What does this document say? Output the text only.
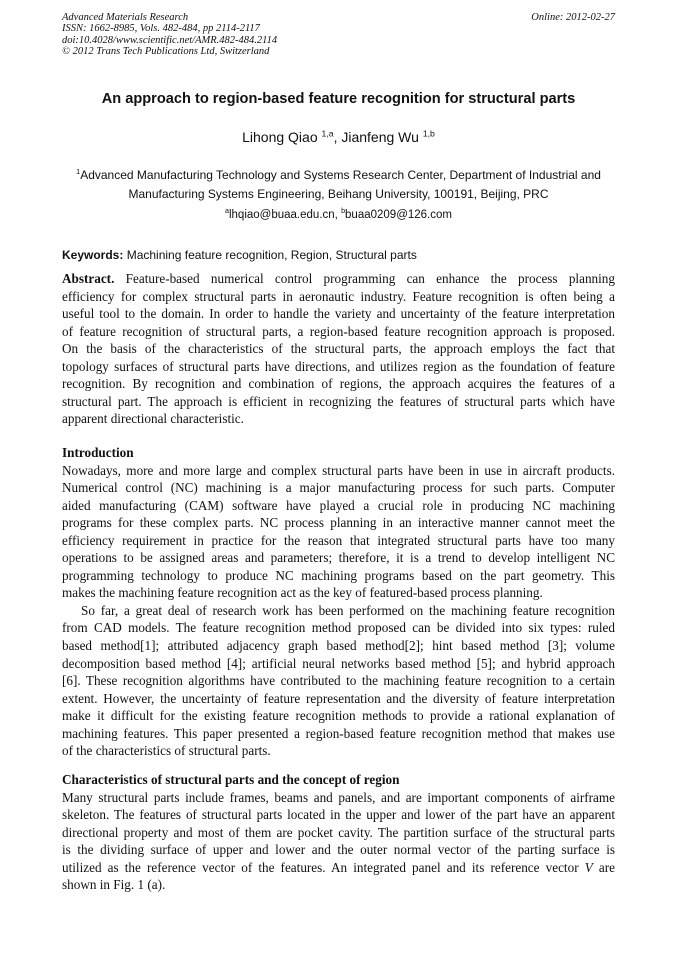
Advanced Materials Research
ISSN: 1662-8985, Vols. 482-484, pp 2114-2117
doi:10.4028/www.scientific.net/AMR.482-484.2114
© 2012 Trans Tech Publications Ltd, Switzerland
Online: 2012-02-27
An approach to region-based feature recognition for structural parts
Lihong Qiao $^{1,a}$, Jianfeng Wu $^{1,b}$
$^1$Advanced Manufacturing Technology and Systems Research Center, Department of Industrial and
Manufacturing Systems Engineering, Beihang University, 100191, Beijing, PRC
$^a$lhqiao@buaa.edu.cn, $^b$buaa0209@126.com
Keywords: Machining feature recognition, Region, Structural parts
Abstract. Feature-based numerical control programming can enhance the process planning
efficiency for complex structural parts in aeronautic industry. Feature recognition is often being a
useful tool to the domain. In order to handle the variety and uncertainty of the feature interpretation
of feature recognition of structural parts, a region-based feature recognition approach is proposed.
On the basis of the characteristics of the structural parts, the approach employs the fact that
topology surfaces of structural parts have directions, and utilizes region as the foundation of feature
recognition. By recognition and combination of regions, the approach acquires the features of a
structural part. The approach is efficient in recognizing the features of structural parts which have
apparent directional characteristic.
Introduction
Nowadays, more and more large and complex structural parts have been in use in aircraft products.
Numerical control (NC) machining is a major manufacturing process for such parts. Computer
aided manufacturing (CAM) software have played a crucial role in producing NC machining
programs for these complex parts. NC process planning in an interactive manner cannot meet the
efficiency requirement in practice for the reason that integrated structural parts have too many
operations to be assigned areas and parameters; therefore, it is a trend to develop intelligent NC
programming technology to produce NC machining programs based on the part geometry. This
makes the machining feature recognition act as the key of featured-based process planning.
So far, a great deal of research work has been performed on the machining feature recognition
from CAD models. The feature recognition method proposed can be divided into six types: ruled
based method[1]; attributed adjacency graph based method[2]; hint based method [3]; volume
decomposition based method [4]; artificial neural networks based method [5]; and hybrid approach
[6]. These recognition algorithms have contributed to the machining feature recognition to a certain
extent. However, the uncertainty of feature representation and the diversity of feature interpretation
make it difficult for the existing feature recognition methods to provide a rational explanation of
machining features. This paper presented a region-based feature recognition method that makes use
of the characteristics of structural parts.
Characteristics of structural parts and the concept of region
Many structural parts include frames, beams and panels, and are important components of airframe
skeleton. The features of structural parts located in the upper and lower of the part have an apparent
directional property and most of them are pocket cavity. The partition surface of the structural parts
is the dividing surface of upper and lower and the outer normal vector of the parting surface is
utilized as the reference vector of the features. An integrated panel and its reference vector V are
shown in Fig. 1 (a).
